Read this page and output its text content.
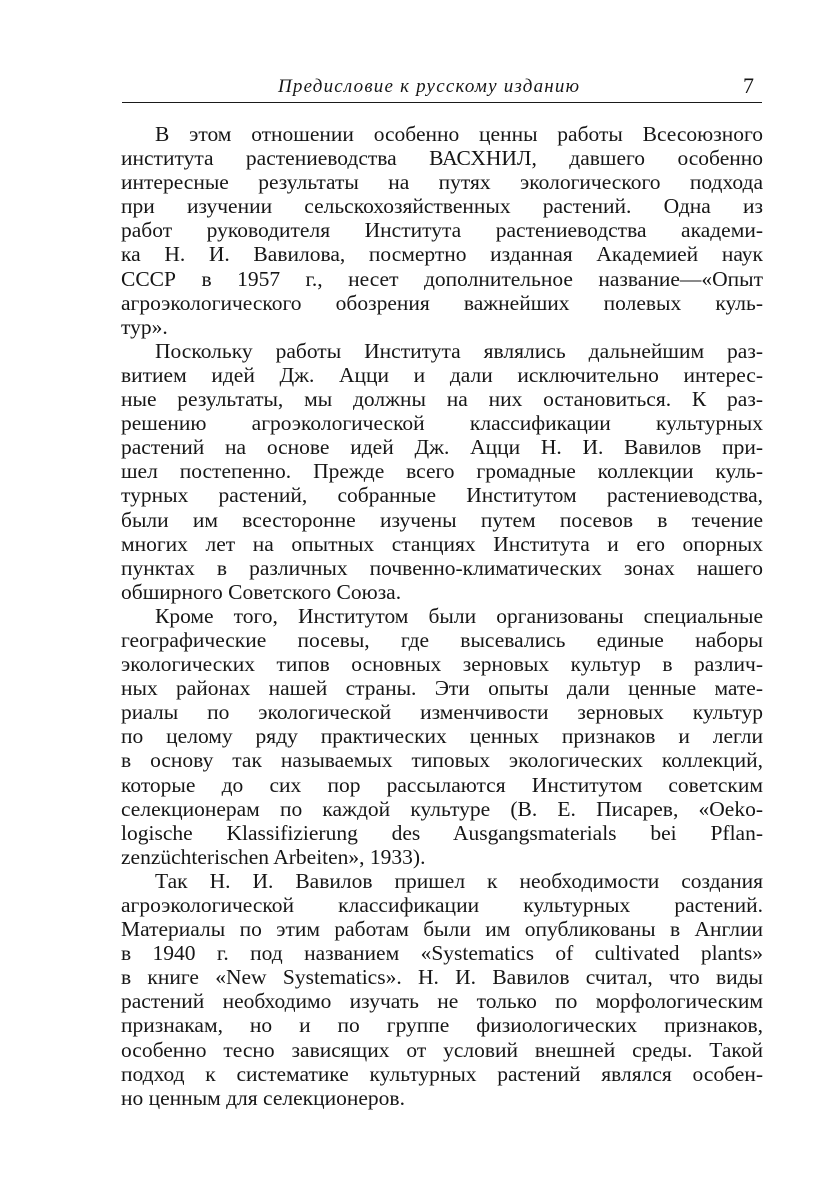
Предисловие к русскому изданию	7
В этом отношении особенно ценны работы Всесоюзного
института растениеводства ВАСХНИЛ, давшего особенно
интересные результаты на путях экологического подхода
при изучении сельскохозяйственных растений. Одна из
работ руководителя Института растениеводства академи-
ка Н. И. Вавилова, посмертно изданная Академией наук
СССР в 1957 г., несет дополнительное название—«Опыт
агроэкологического обозрения важнейших полевых куль-
тур».
Поскольку работы Института являлись дальнейшим раз-
витием идей Дж. Ацци и дали исключительно интерес-
ные результаты, мы должны на них остановиться. К раз-
решению агроэкологической классификации культурных
растений на основе идей Дж. Ацци Н. И. Вавилов при-
шел постепенно. Прежде всего громадные коллекции куль-
турных растений, собранные Институтом растениеводства,
были им всесторонне изучены путем посевов в течение
многих лет на опытных станциях Института и его опорных
пунктах в различных почвенно-климатических зонах нашего
обширного Советского Союза.
Кроме того, Институтом были организованы специальные
географические посевы, где высевались единые наборы
экологических типов основных зерновых культур в различ-
ных районах нашей страны. Эти опыты дали ценные мате-
риалы по экологической изменчивости зерновых культур
по целому ряду практических ценных признаков и легли
в основу так называемых типовых экологических коллекций,
которые до сих пор рассылаются Институтом советским
селекционерам по каждой культуре (В. Е. Писарев, «Oeko-
logische Klassifizierung des Ausgangsmaterials bei Pflan-
zenzüchterischen Arbeiten», 1933).
Так Н. И. Вавилов пришел к необходимости создания
агроэкологической классификации культурных растений.
Материалы по этим работам были им опубликованы в Англии
в 1940 г. под названием «Systematics of cultivated plants»
в книге «New Systematics». Н. И. Вавилов считал, что виды
растений необходимо изучать не только по морфологическим
признакам, но и по группе физиологических признаков,
особенно тесно зависящих от условий внешней среды. Такой
подход к систематике культурных растений являлся особен-
но ценным для селекционеров.
